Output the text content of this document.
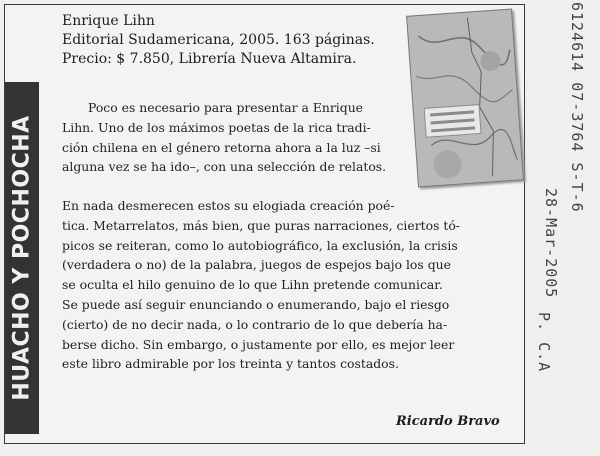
HUACHO Y POCHOCHA
Enrique Lihn
Editorial Sudamericana, 2005. 163 páginas.
Precio: $ 7.850, Librería Nueva Altamira.
Poco es necesario para presentar a Enrique
Lihn. Uno de los máximos poetas de la rica tradi-
ción chilena en el género retorna ahora a la luz –si
alguna vez se ha ido–, con una selección de relatos.
En nada desmerecen estos su elogiada creación poé-
tica. Metarrelatos, más bien, que puras narraciones, ciertos tó-
picos se reiteran, como lo autobiográfico, la exclusión, la crisis
(verdadera o no) de la palabra, juegos de espejos bajo los que
se oculta el hilo genuino de lo que Lihn pretende comunicar.
Se puede así seguir enunciando o enumerando, bajo el riesgo
(cierto) de no decir nada, o lo contrario de lo que debería ha-
berse dicho. Sin embargo, o justamente por ello, es mejor leer
este libro admirable por los treinta y tantos costados.
Ricardo Bravo
6124614 07-3764 S-T-6
28-Mar-2005
P. C.A
